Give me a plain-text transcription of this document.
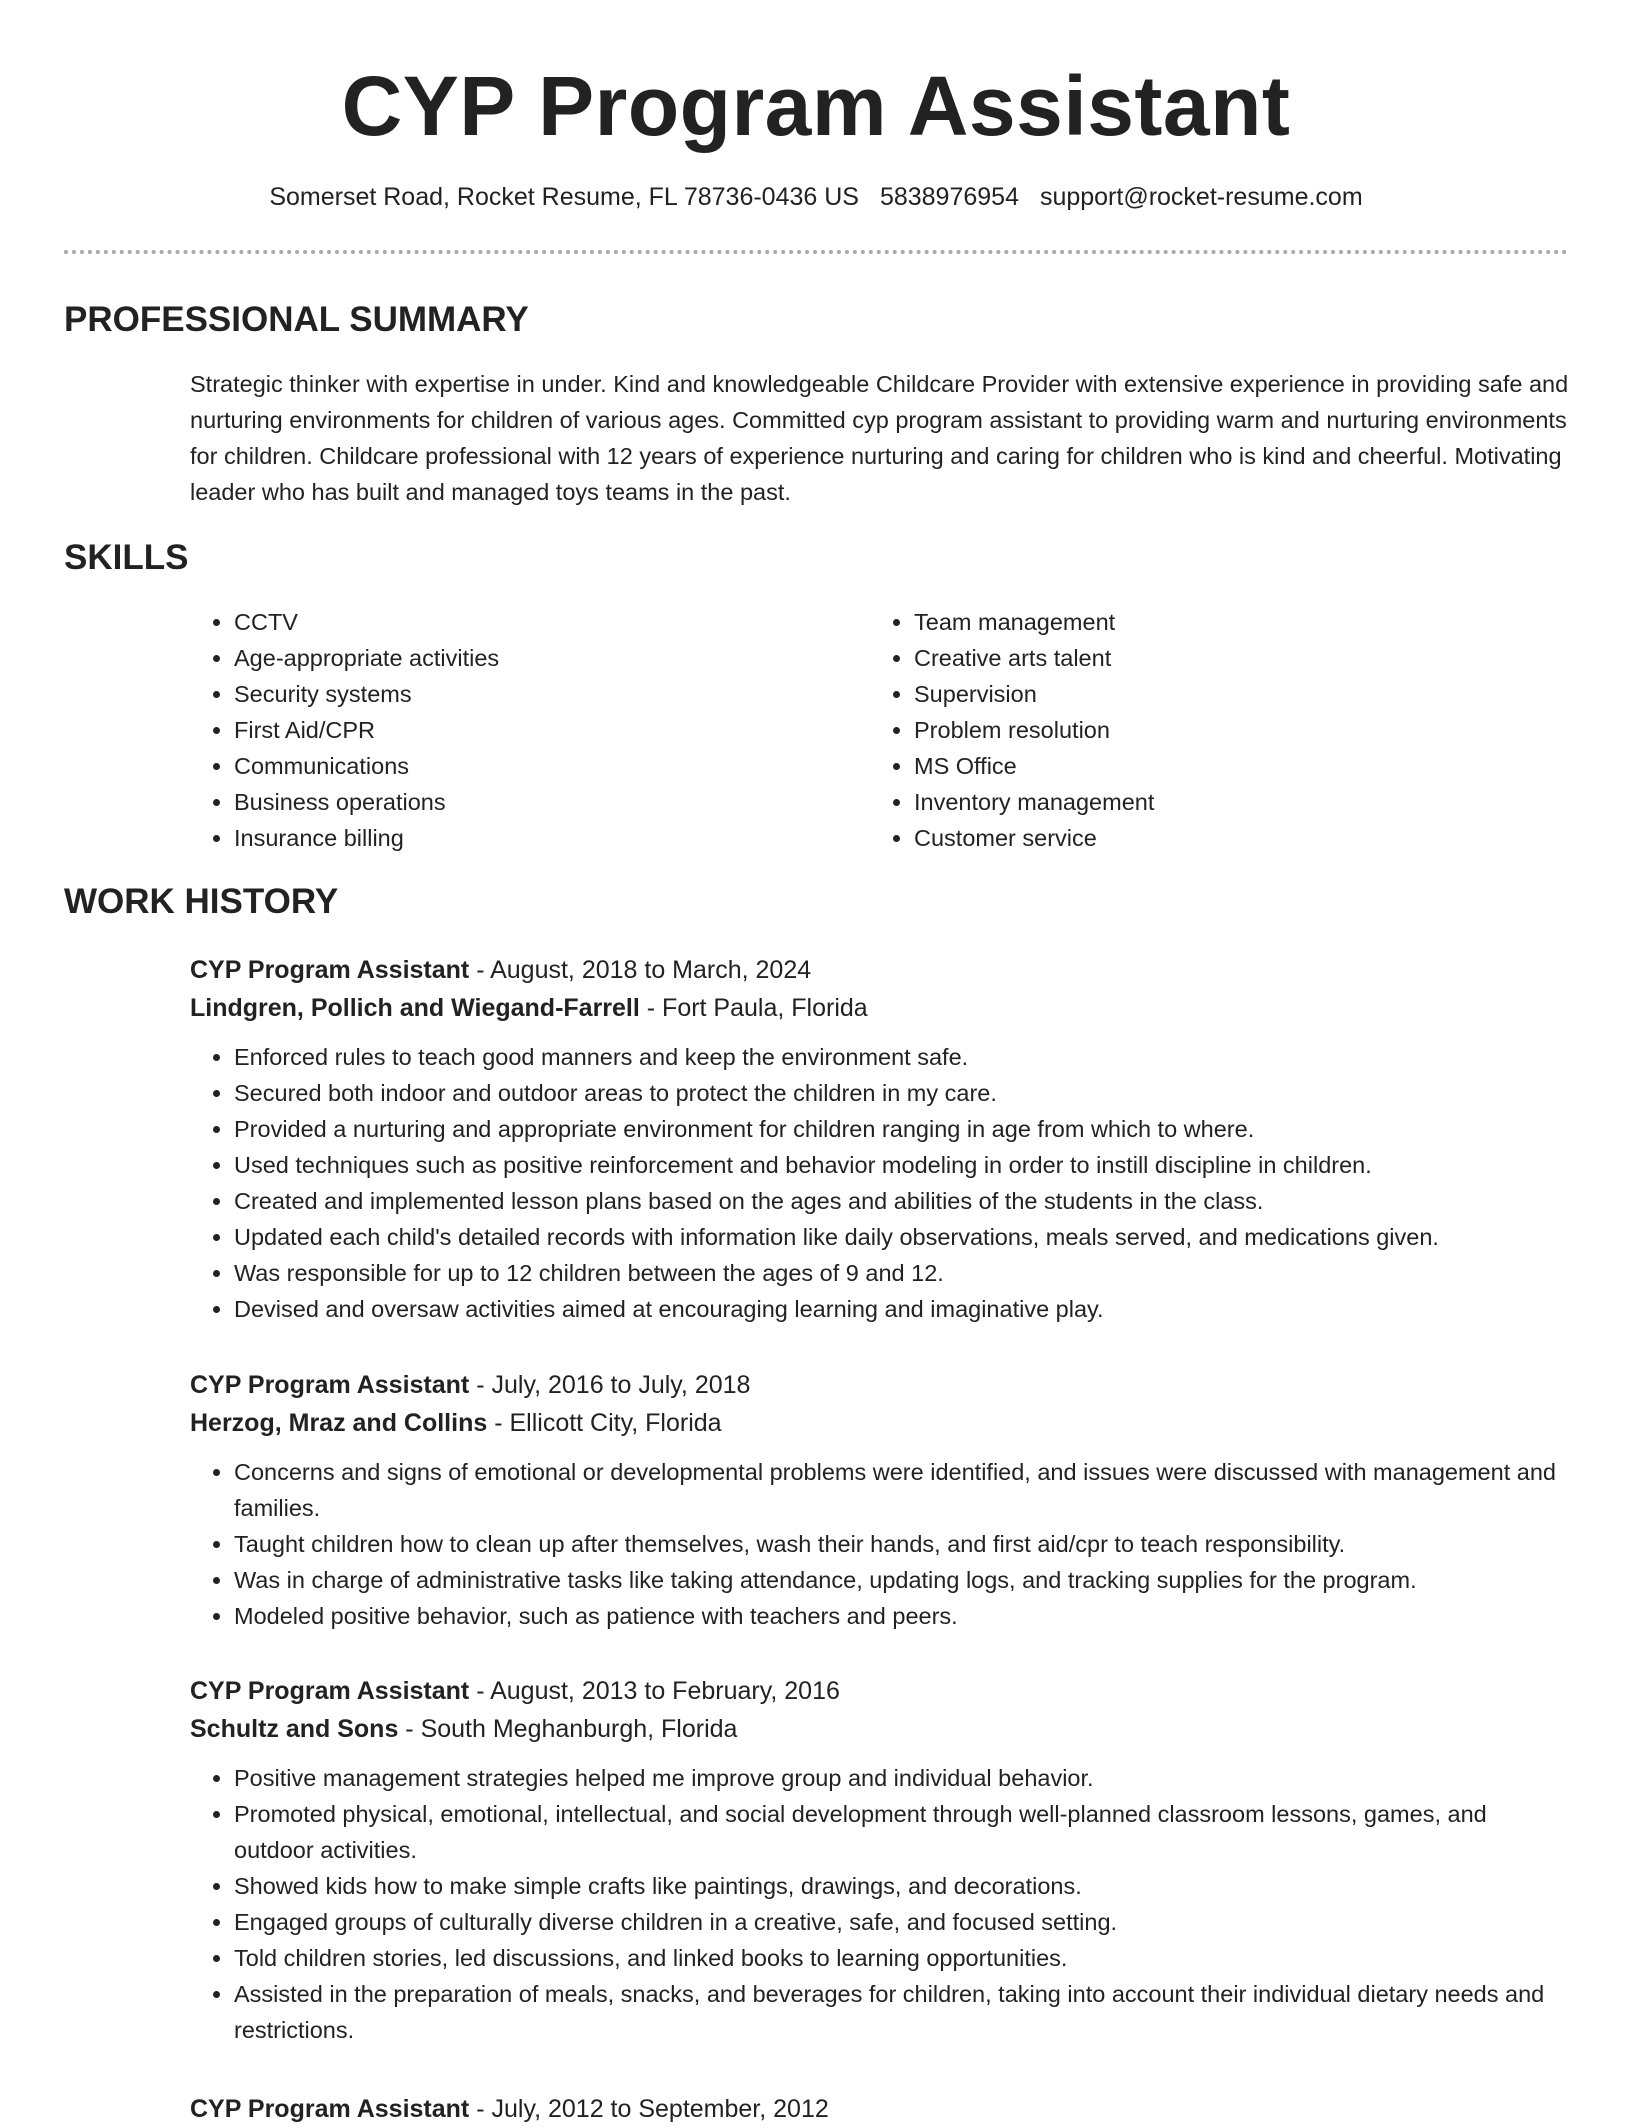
CYP Program Assistant
Somerset Road, Rocket Resume, FL 78736-0436 US 5838976954 support@rocket-resume.com
PROFESSIONAL SUMMARY

Strategic thinker with expertise in under. Kind and knowledgeable Childcare Provider with extensive experience in providing safe and nurturing environments for children of various ages. Committed cyp program assistant to providing warm and nurturing environments for children. Childcare professional with 12 years of experience nurturing and caring for children who is kind and cheerful. Motivating leader who has built and managed toys teams in the past.

SKILLS
• CCTV
• Age-appropriate activities
• Security systems
• First Aid/CPR
• Communications
• Business operations
• Insurance billing
• Team management
• Creative arts talent
• Supervision
• Problem resolution
• MS Office
• Inventory management
• Customer service
WORK HISTORY

CYP Program Assistant - August, 2018 to March, 2024

Lindgren, Pollich and Wiegand-Farrell - Fort Paula, Florida

• Enforced rules to teach good manners and keep the environment safe.
• Secured both indoor and outdoor areas to protect the children in my care.
• Provided a nurturing and appropriate environment for children ranging in age from which to where.
• Used techniques such as positive reinforcement and behavior modeling in order to instill discipline in children.
• Created and implemented lesson plans based on the ages and abilities of the students in the class.
• Updated each child's detailed records with information like daily observations, meals served, and medications given.
• Was responsible for up to 12 children between the ages of 9 and 12.
• Devised and oversaw activities aimed at encouraging learning and imaginative play.

CYP Program Assistant - July, 2016 to July, 2018

Herzog, Mraz and Collins - Ellicott City, Florida

• Concerns and signs of emotional or developmental problems were identified, and issues were discussed with management and families.
• Taught children how to clean up after themselves, wash their hands, and first aid/cpr to teach responsibility.
• Was in charge of administrative tasks like taking attendance, updating logs, and tracking supplies for the program.
• Modeled positive behavior, such as patience with teachers and peers.

CYP Program Assistant - August, 2013 to February, 2016

Schultz and Sons - South Meghanburgh, Florida

• Positive management strategies helped me improve group and individual behavior.
• Promoted physical, emotional, intellectual, and social development through well-planned classroom lessons, games, and outdoor activities.
• Showed kids how to make simple crafts like paintings, drawings, and decorations.
• Engaged groups of culturally diverse children in a creative, safe, and focused setting.
• Told children stories, led discussions, and linked books to learning opportunities.
• Assisted in the preparation of meals, snacks, and beverages for children, taking into account their individual dietary needs and restrictions.

CYP Program Assistant - July, 2012 to September, 2012
